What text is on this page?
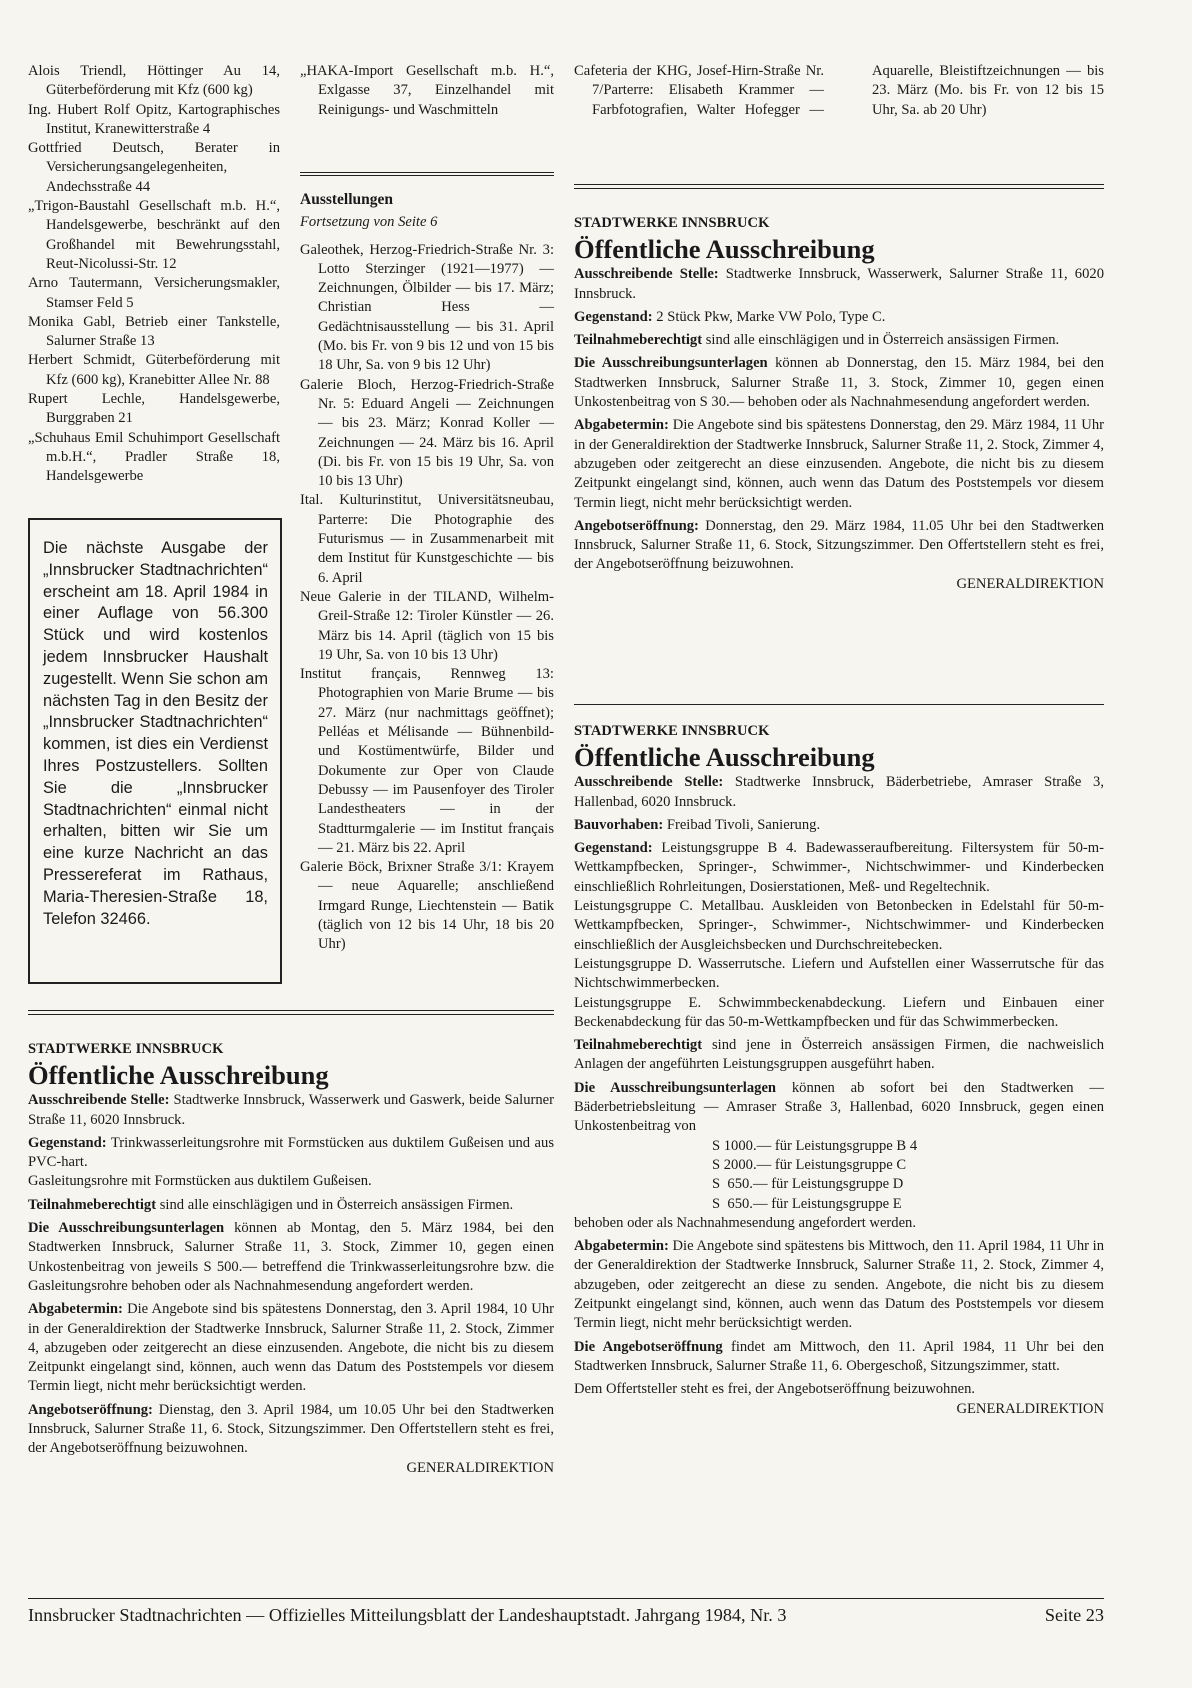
Alois Triendl, Höttinger Au 14, Güterbeförderung mit Kfz (600 kg)

Ing. Hubert Rolf Opitz, Kartographisches Institut, Kranewitterstraße 4

Gottfried Deutsch, Berater in Versicherungsangelegenheiten, Andechsstraße 44

„Trigon-Baustahl Gesellschaft m.b. H.“, Handelsgewerbe, beschränkt auf den Großhandel mit Bewehrungsstahl, Reut-Nicolussi-Str. 12

Arno Tautermann, Versicherungsmakler, Stamser Feld 5

Monika Gabl, Betrieb einer Tankstelle, Salurner Straße 13

Herbert Schmidt, Güterbeförderung mit Kfz (600 kg), Kranebitter Allee Nr. 88

Rupert Lechle, Handelsgewerbe, Burggraben 21

„Schuhaus Emil Schuhimport Gesellschaft m.b.H.“, Pradler Straße 18, Handelsgewerbe

„HAKA-Import Gesellschaft m.b. H.“, Exlgasse 37, Einzelhandel mit Reinigungs- und Waschmitteln

Die nächste Ausgabe der „Innsbrucker Stadtnachrichten“ erscheint am 18. April 1984 in einer Auflage von 56.300 Stück und wird kostenlos jedem Innsbrucker Haushalt zugestellt. Wenn Sie schon am nächsten Tag in den Besitz der „Innsbrucker Stadtnachrichten“ kommen, ist dies ein Verdienst Ihres Postzustellers. Sollten Sie die „Innsbrucker Stadtnachrichten“ einmal nicht erhalten, bitten wir Sie um eine kurze Nachricht an das Pressereferat im Rathaus, Maria-Theresien-Straße 18, Telefon 32466.

Ausstellungen

Fortsetzung von Seite 6

Galeothek, Herzog-Friedrich-Straße Nr. 3: Lotto Sterzinger (1921—1977) — Zeichnungen, Ölbilder — bis 17. März; Christian Hess — Gedächtnisausstellung — bis 31. April (Mo. bis Fr. von 9 bis 12 und von 15 bis 18 Uhr, Sa. von 9 bis 12 Uhr)

Galerie Bloch, Herzog-Friedrich-Straße Nr. 5: Eduard Angeli — Zeichnungen — bis 23. März; Konrad Koller — Zeichnungen — 24. März bis 16. April (Di. bis Fr. von 15 bis 19 Uhr, Sa. von 10 bis 13 Uhr)

Ital. Kulturinstitut, Universitätsneubau, Parterre: Die Photographie des Futurismus — in Zusammenarbeit mit dem Institut für Kunstgeschichte — bis 6. April

Neue Galerie in der TILAND, Wilhelm-Greil-Straße 12: Tiroler Künstler — 26. März bis 14. April (täglich von 15 bis 19 Uhr, Sa. von 10 bis 13 Uhr)

Institut français, Rennweg 13: Photographien von Marie Brume — bis 27. März (nur nachmittags geöffnet); Pelléas et Mélisande — Bühnenbild- und Kostümentwürfe, Bilder und Dokumente zur Oper von Claude Debussy — im Pausenfoyer des Tiroler Landestheaters — in der Stadtturmgalerie — im Institut français — 21. März bis 22. April

Galerie Böck, Brixner Straße 3/1: Krayem — neue Aquarelle; anschließend Irmgard Runge, Liechtenstein — Batik (täglich von 12 bis 14 Uhr, 18 bis 20 Uhr)

Cafeteria der KHG, Josef-Hirn-Straße Nr. 7/Parterre: Elisabeth Krammer — Farbfotografien, Walter Hofegger — Aquarelle, Bleistiftzeichnungen — bis 23. März (Mo. bis Fr. von 12 bis 15 Uhr, Sa. ab 20 Uhr)

STADTWERKE INNSBRUCK

Öffentliche Ausschreibung

Ausschreibende Stelle: Stadtwerke Innsbruck, Wasserwerk, Salurner Straße 11, 6020 Innsbruck.

Gegenstand: 2 Stück Pkw, Marke VW Polo, Type C.

Teilnahmeberechtigt sind alle einschlägigen und in Österreich ansässigen Firmen.

Die Ausschreibungsunterlagen können ab Donnerstag, den 15. März 1984, bei den Stadtwerken Innsbruck, Salurner Straße 11, 3. Stock, Zimmer 10, gegen einen Unkostenbeitrag von S 30.— behoben oder als Nachnahmesendung angefordert werden.

Abgabetermin: Die Angebote sind bis spätestens Donnerstag, den 29. März 1984, 11 Uhr in der Generaldirektion der Stadtwerke Innsbruck, Salurner Straße 11, 2. Stock, Zimmer 4, abzugeben oder zeitgerecht an diese einzusenden. Angebote, die nicht bis zu diesem Zeitpunkt eingelangt sind, können, auch wenn das Datum des Poststempels vor diesem Termin liegt, nicht mehr berücksichtigt werden.

Angebotseröffnung: Donnerstag, den 29. März 1984, 11.05 Uhr bei den Stadtwerken Innsbruck, Salurner Straße 11, 6. Stock, Sitzungszimmer. Den Offertstellern steht es frei, der Angebotseröffnung beizuwohnen.

GENERALDIREKTION

STADTWERKE INNSBRUCK

Öffentliche Ausschreibung

Ausschreibende Stelle: Stadtwerke Innsbruck, Bäderbetriebe, Amraser Straße 3, Hallenbad, 6020 Innsbruck.

Bauvorhaben: Freibad Tivoli, Sanierung.

Gegenstand: Leistungsgruppe B 4. Badewasseraufbereitung. Filtersystem für 50-m-Wettkampfbecken, Springer-, Schwimmer-, Nichtschwimmer- und Kinderbecken einschließlich Rohrleitungen, Dosierstationen, Meß- und Regeltechnik.

Leistungsgruppe C. Metallbau. Auskleiden von Betonbecken in Edelstahl für 50-m-Wettkampfbecken, Springer-, Schwimmer-, Nichtschwimmer- und Kinderbecken einschließlich der Ausgleichsbecken und Durchschreitebecken.

Leistungsgruppe D. Wasserrutsche. Liefern und Aufstellen einer Wasserrutsche für das Nichtschwimmerbecken.

Leistungsgruppe E. Schwimmbeckenabdeckung. Liefern und Einbauen einer Beckenabdeckung für das 50-m-Wettkampfbecken und für das Schwimmerbecken.

Teilnahmeberechtigt sind jene in Österreich ansässigen Firmen, die nachweislich Anlagen der angeführten Leistungsgruppen ausgeführt haben.

Die Ausschreibungsunterlagen können ab sofort bei den Stadtwerken — Bäderbetriebsleitung — Amraser Straße 3, Hallenbad, 6020 Innsbruck, gegen einen Unkostenbeitrag von

S 1000.— für Leistungsgruppe B 4

S 2000.— für Leistungsgruppe C

S  650.— für Leistungsgruppe D

S  650.— für Leistungsgruppe E

behoben oder als Nachnahmesendung angefordert werden.

Abgabetermin: Die Angebote sind spätestens bis Mittwoch, den 11. April 1984, 11 Uhr in der Generaldirektion der Stadtwerke Innsbruck, Salurner Straße 11, 2. Stock, Zimmer 4, abzugeben, oder zeitgerecht an diese zu senden. Angebote, die nicht bis zu diesem Zeitpunkt eingelangt sind, können, auch wenn das Datum des Poststempels vor diesem Termin liegt, nicht mehr berücksichtigt werden.

Die Angebotseröffnung findet am Mittwoch, den 11. April 1984, 11 Uhr bei den Stadtwerken Innsbruck, Salurner Straße 11, 6. Obergeschoß, Sitzungszimmer, statt.

Dem Offertsteller steht es frei, der Angebotseröffnung beizuwohnen.

GENERALDIREKTION

STADTWERKE INNSBRUCK

Öffentliche Ausschreibung

Ausschreibende Stelle: Stadtwerke Innsbruck, Wasserwerk und Gaswerk, beide Salurner Straße 11, 6020 Innsbruck.

Gegenstand: Trinkwasserleitungsrohre mit Formstücken aus duktilem Gußeisen und aus PVC-hart.

Gasleitungsrohre mit Formstücken aus duktilem Gußeisen.

Teilnahmeberechtigt sind alle einschlägigen und in Österreich ansässigen Firmen.

Die Ausschreibungsunterlagen können ab Montag, den 5. März 1984, bei den Stadtwerken Innsbruck, Salurner Straße 11, 3. Stock, Zimmer 10, gegen einen Unkostenbeitrag von jeweils S 500.— betreffend die Trinkwasserleitungsrohre bzw. die Gasleitungsrohre behoben oder als Nachnahmesendung angefordert werden.

Abgabetermin: Die Angebote sind bis spätestens Donnerstag, den 3. April 1984, 10 Uhr in der Generaldirektion der Stadtwerke Innsbruck, Salurner Straße 11, 2. Stock, Zimmer 4, abzugeben oder zeitgerecht an diese einzusenden. Angebote, die nicht bis zu diesem Zeitpunkt eingelangt sind, können, auch wenn das Datum des Poststempels vor diesem Termin liegt, nicht mehr berücksichtigt werden.

Angebotseröffnung: Dienstag, den 3. April 1984, um 10.05 Uhr bei den Stadtwerken Innsbruck, Salurner Straße 11, 6. Stock, Sitzungszimmer. Den Offertstellern steht es frei, der Angebotseröffnung beizuwohnen.

GENERALDIREKTION

Innsbrucker Stadtnachrichten — Offizielles Mitteilungsblatt der Landeshauptstadt. Jahrgang 1984, Nr. 3	Seite 23
